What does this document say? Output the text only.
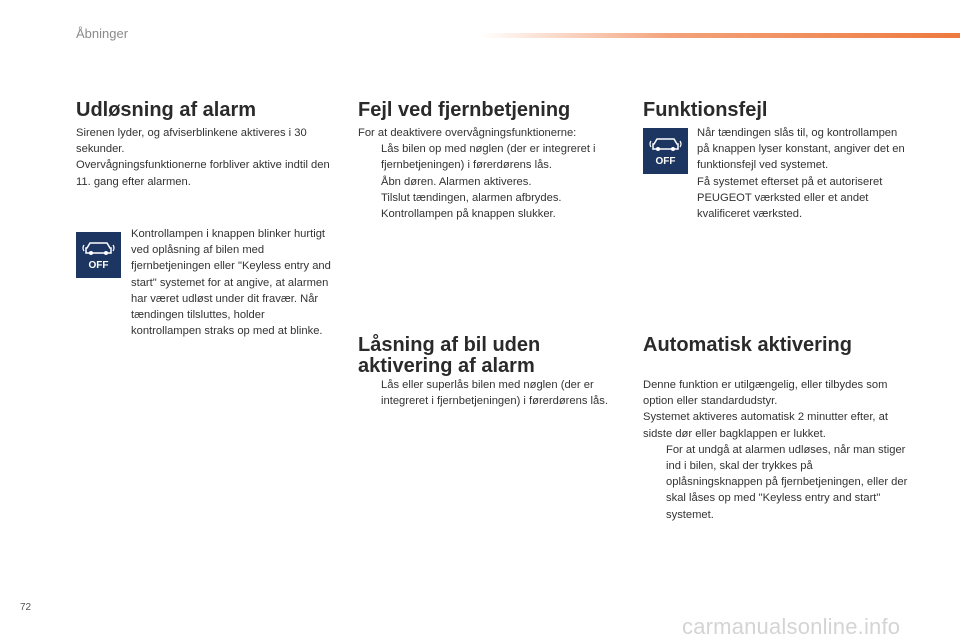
Åbninger
Udløsning af alarm

Sirenen lyder, og afviserblinkene aktiveres i 30 sekunder.

Overvågningsfunktionerne forbliver aktive indtil den 11. gang efter alarmen.

OFF
Kontrollampen i knappen blinker hurtigt ved oplåsning af bilen med fjernbetjeningen eller "Keyless entry and start" systemet for at angive, at alarmen har været udløst under dit fravær. Når tændingen tilsluttes, holder kontrollampen straks op med at blinke.
Fejl ved fjernbetjening

For at deaktivere overvågningsfunktionerne:

Lås bilen op med nøglen (der er integreret i fjernbetjeningen) i førerdørens lås.
Åbn døren. Alarmen aktiveres.
Tilslut tændingen, alarmen afbrydes. Kontrollampen på knappen slukker.
Låsning af bil uden
aktivering af alarm
Lås eller superlås bilen med nøglen (der er integreret i fjernbetjeningen) i førerdørens lås.
Funktionsfejl
OFF

Når tændingen slås til, og kontrollampen på knappen lyser konstant, angiver det en funktionsfejl ved systemet.

Få systemet efterset på et autoriseret PEUGEOT værksted eller et andet kvalificeret værksted.

Automatisk aktivering

Denne funktion er utilgængelig, eller tilbydes som option eller standardudstyr.

Systemet aktiveres automatisk 2 minutter efter, at sidste dør eller bagklappen er lukket.

For at undgå at alarmen udløses, når man stiger ind i bilen, skal der trykkes på oplåsningsknappen på fjernbetjeningen, eller der skal låses op med "Keyless entry and start" systemet.
72
carmanualsonline.info
